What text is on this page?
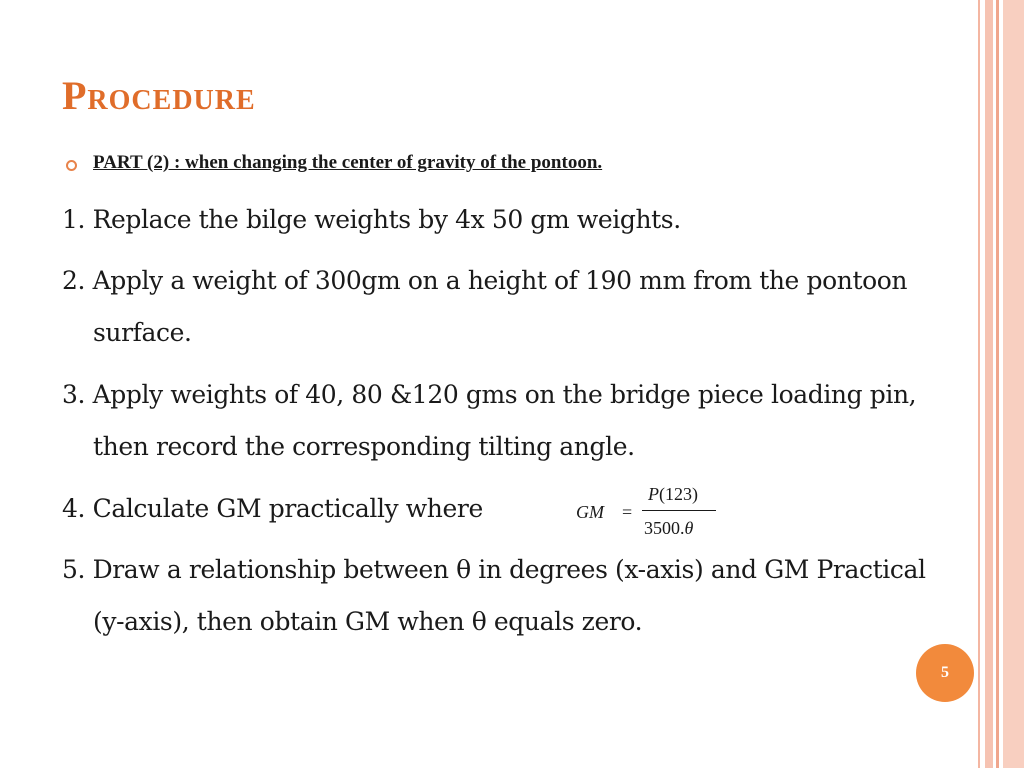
Procedure
PART (2) : when changing the center of gravity of the pontoon.
1. Replace the bilge weights by 4x 50 gm weights.
2. Apply a weight of 300gm on a height of 190 mm from the pontoon surface.
3. Apply weights of 40, 80 &120 gms on the bridge piece loading pin, then record the corresponding tilting angle.
4. Calculate GM practically where	GM =
P(123)
3500.θ
5. Draw a relationship between θ in degrees (x-axis) and GM Practical (y-axis), then obtain GM when θ equals zero.
5
